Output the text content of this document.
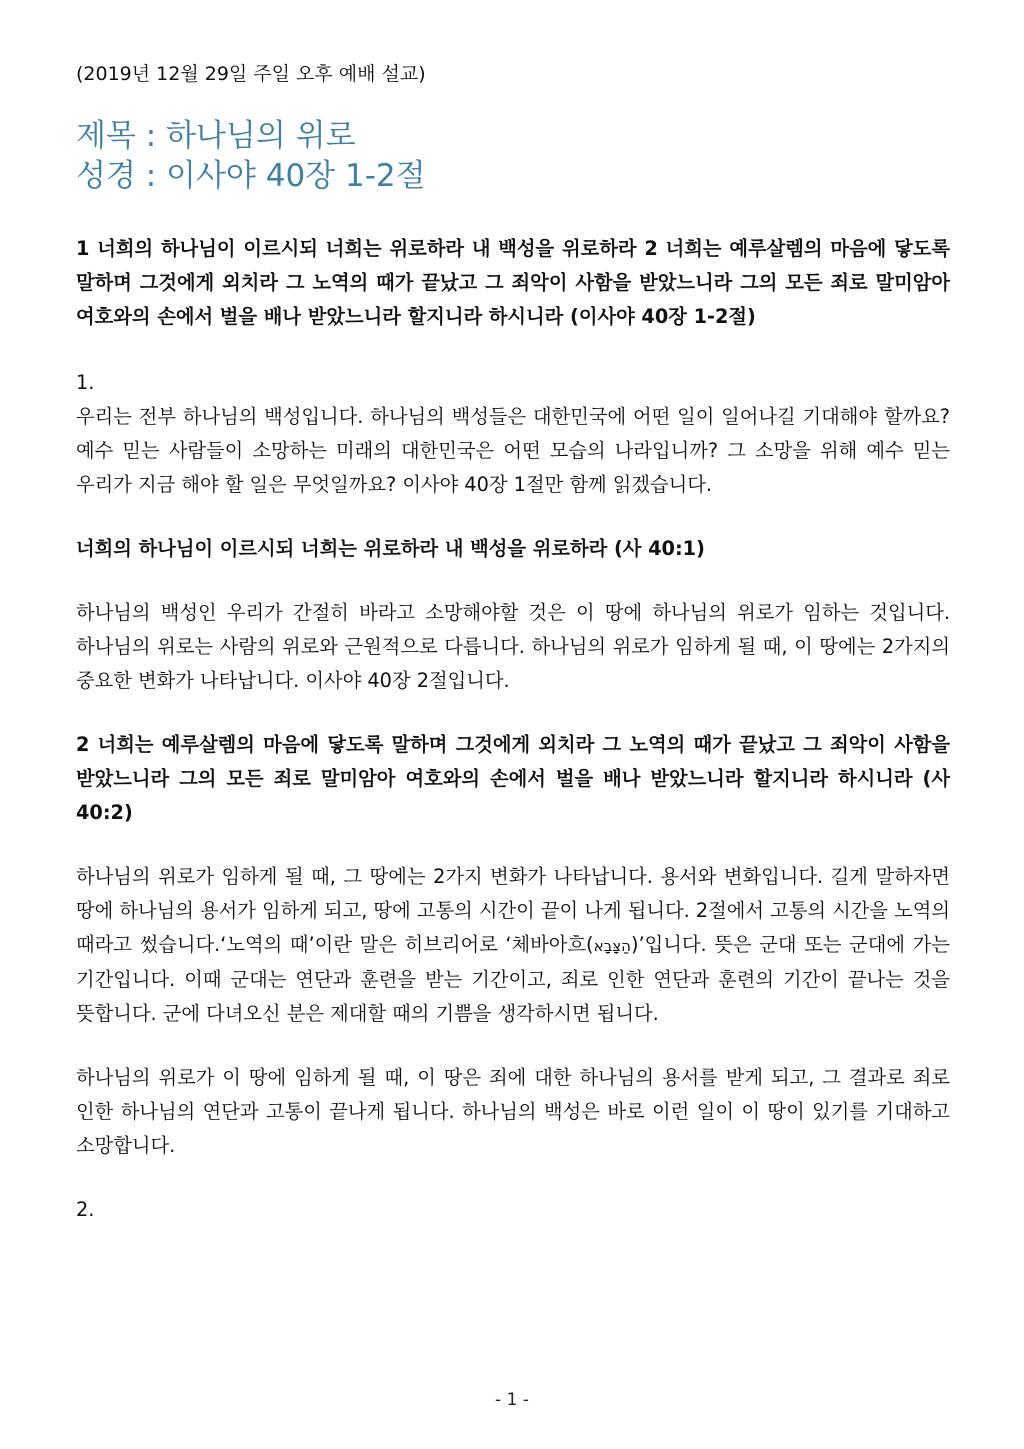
(2019년 12월 29일 주일 오후 예배 설교)
제목 : 하나님의 위로
성경 : 이사야 40장 1-2절

1 너희의 하나님이 이르시되 너희는 위로하라 내 백성을 위로하라 2 너희는 예루살렘의 마음에 닿도록 말하며 그것에게 외치라 그 노역의 때가 끝났고 그 죄악이 사함을 받았느니라 그의 모든 죄로 말미암아 여호와의 손에서 벌을 배나 받았느니라 할지니라 하시니라 (이사야 40장 1-2절)

1.

우리는 전부 하나님의 백성입니다. 하나님의 백성들은 대한민국에 어떤 일이 일어나길 기대해야 할까요? 예수 믿는 사람들이 소망하는 미래의 대한민국은 어떤 모습의 나라입니까? 그 소망을 위해 예수 믿는 우리가 지금 해야 할 일은 무엇일까요? 이사야 40장 1절만 함께 읽겠습니다.

너희의 하나님이 이르시되 너희는 위로하라 내 백성을 위로하라 (사 40:1)

하나님의 백성인 우리가 간절히 바라고 소망해야할 것은 이 땅에 하나님의 위로가 임하는 것입니다. 하나님의 위로는 사람의 위로와 근원적으로 다릅니다. 하나님의 위로가 임하게 될 때, 이 땅에는 2가지의 중요한 변화가 나타납니다. 이사야 40장 2절입니다.

2 너희는 예루살렘의 마음에 닿도록 말하며 그것에게 외치라 그 노역의 때가 끝났고 그 죄악이 사함을 받았느니라 그의 모든 죄로 말미암아 여호와의 손에서 벌을 배나 받았느니라 할지니라 하시니라 (사 40:2)

하나님의 위로가 임하게 될 때, 그 땅에는 2가지 변화가 나타납니다. 용서와 변화입니다. 길게 말하자면 땅에 하나님의 용서가 임하게 되고, 땅에 고통의 시간이 끝이 나게 됩니다. 2절에서 고통의 시간을 노역의 때라고 썼습니다.‘노역의 때’이란 말은 히브리어로 ‘체바아흐(הַצָּבָא)’입니다. 뜻은 군대 또는 군대에 가는 기간입니다. 이때 군대는 연단과 훈련을 받는 기간이고, 죄로 인한 연단과 훈련의 기간이 끝나는 것을 뜻합니다. 군에 다녀오신 분은 제대할 때의 기쁨을 생각하시면 됩니다.

하나님의 위로가 이 땅에 임하게 될 때, 이 땅은 죄에 대한 하나님의 용서를 받게 되고, 그 결과로 죄로 인한 하나님의 연단과 고통이 끝나게 됩니다. 하나님의 백성은 바로 이런 일이 이 땅이 있기를 기대하고 소망합니다.

2.

- 1 -
